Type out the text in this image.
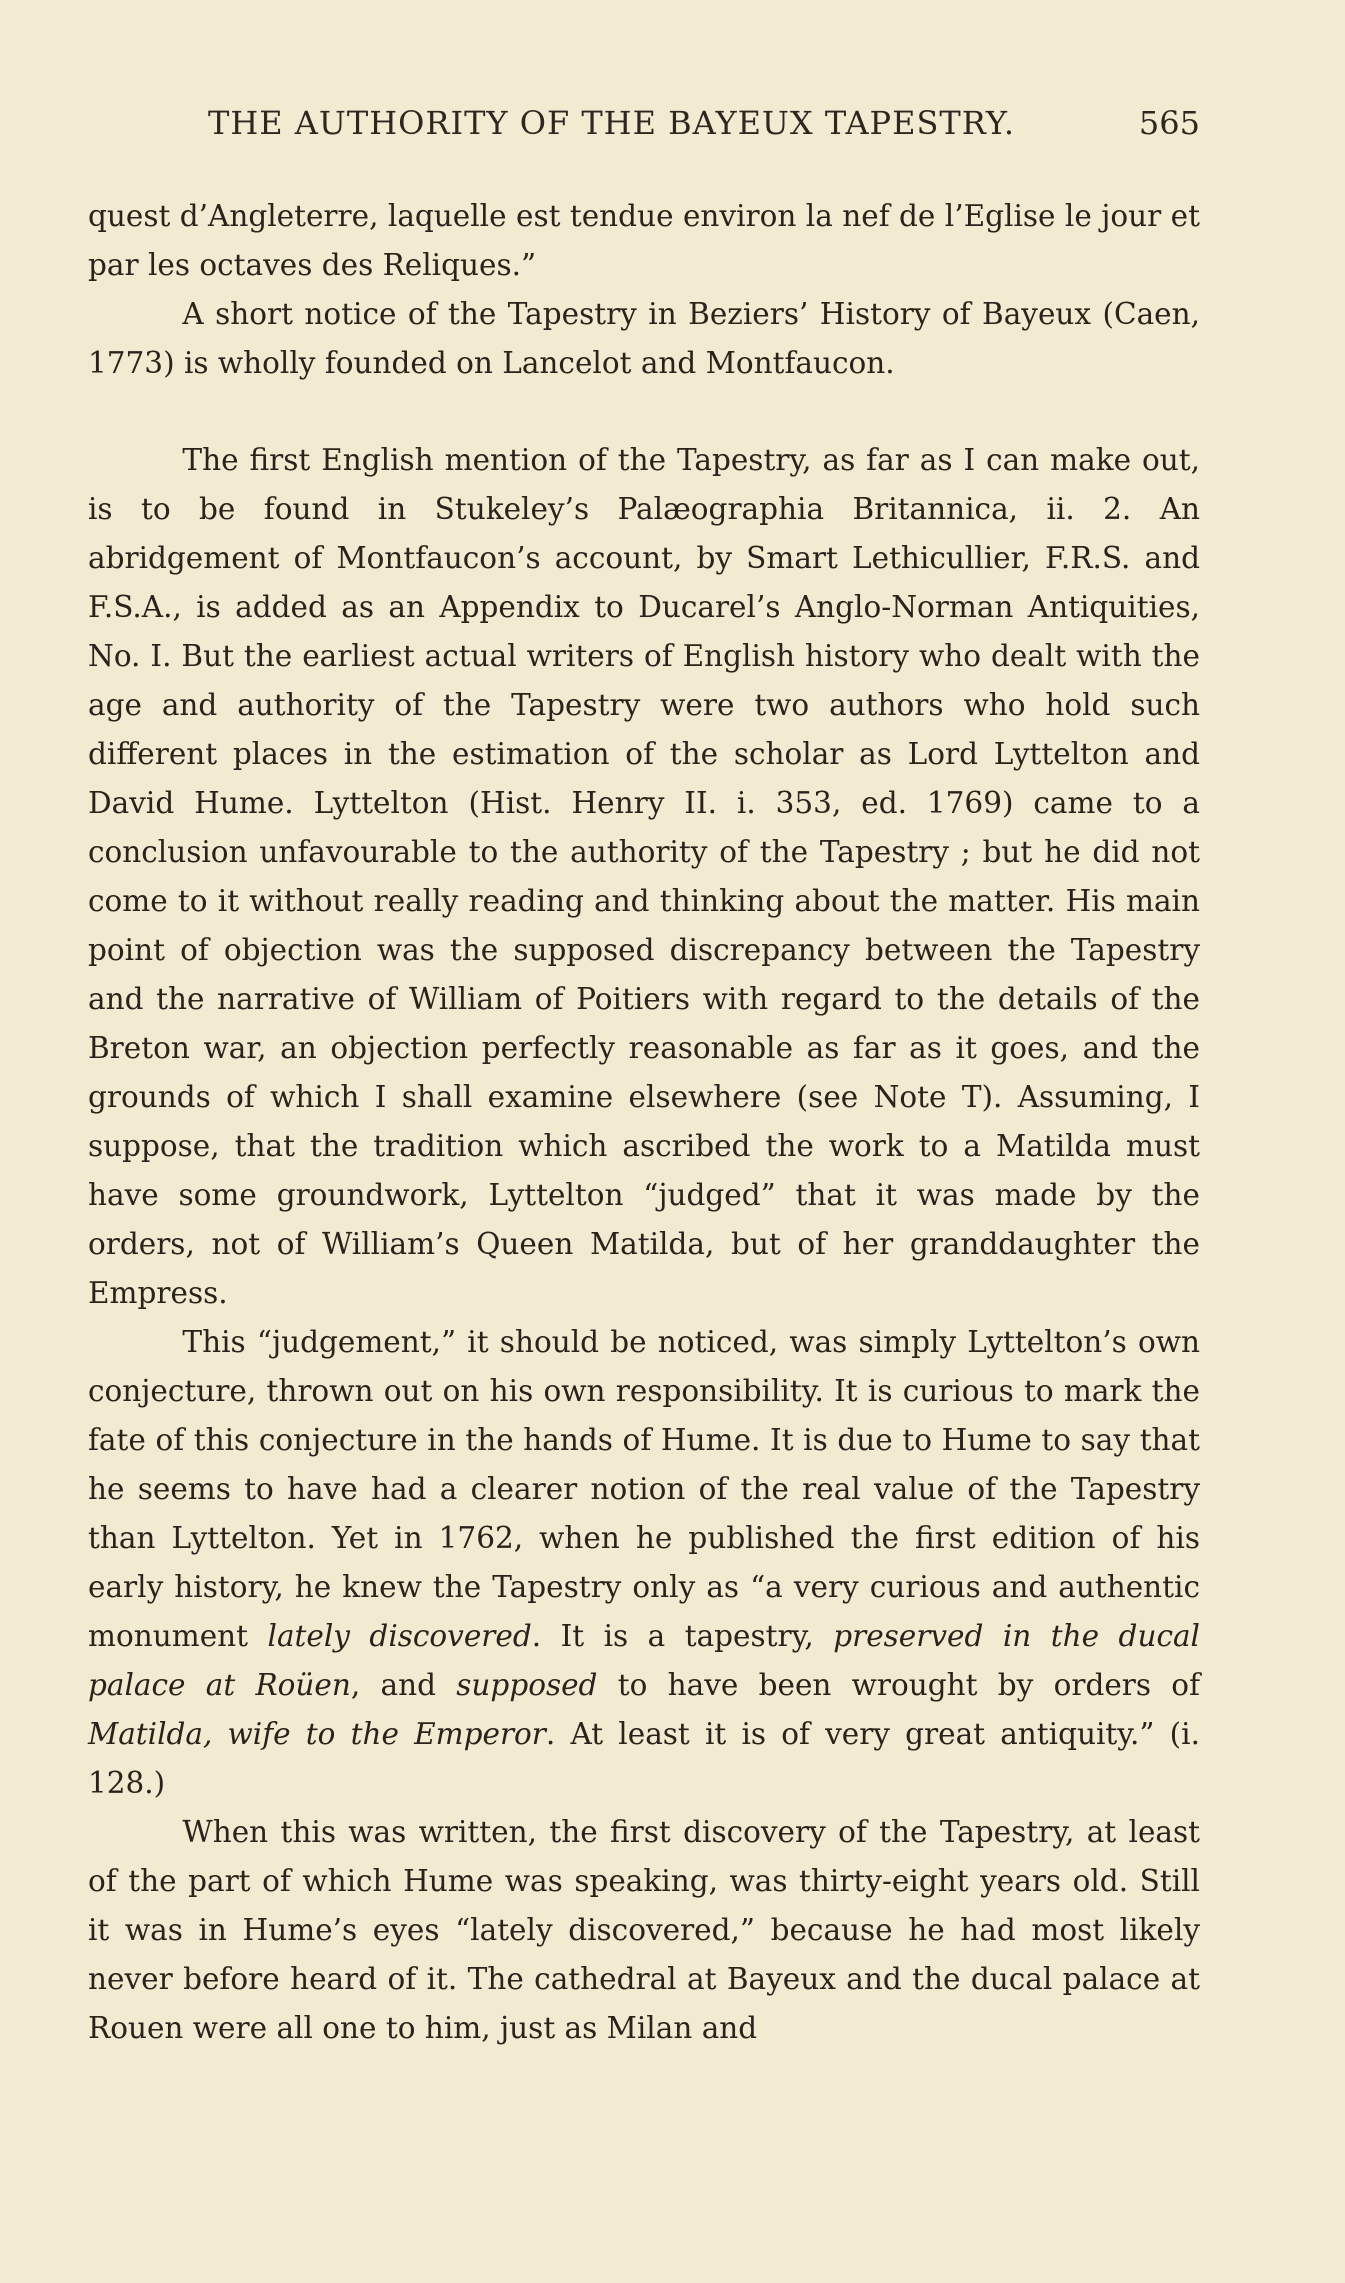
THE AUTHORITY OF THE BAYEUX TAPESTRY.	565

quest d’Angleterre, laquelle est tendue environ la nef de l’Eglise le jour et par les octaves des Reliques.”

A short notice of the Tapestry in Beziers’ History of Bayeux (Caen, 1773) is wholly founded on Lancelot and Montfaucon.

The first English mention of the Tapestry, as far as I can make out, is to be found in Stukeley’s Palæographia Britannica, ii. 2. An abridgement of Montfaucon’s account, by Smart Lethicullier, F.R.S. and F.S.A., is added as an Appendix to Ducarel’s Anglo-Norman Antiquities, No. I. But the earliest actual writers of English history who dealt with the age and authority of the Tapestry were two authors who hold such different places in the estimation of the scholar as Lord Lyttelton and David Hume. Lyttelton (Hist. Henry II. i. 353, ed. 1769) came to a conclusion unfavourable to the authority of the Tapestry ; but he did not come to it without really reading and thinking about the matter. His main point of objection was the supposed discrepancy between the Tapestry and the narrative of William of Poitiers with regard to the details of the Breton war, an objection perfectly reasonable as far as it goes, and the grounds of which I shall examine elsewhere (see Note T). Assuming, I suppose, that the tradition which ascribed the work to a Matilda must have some groundwork, Lyttelton “judged” that it was made by the orders, not of William’s Queen Matilda, but of her granddaughter the Empress.

This “judgement,” it should be noticed, was simply Lyttelton’s own conjecture, thrown out on his own responsibility. It is curious to mark the fate of this conjecture in the hands of Hume. It is due to Hume to say that he seems to have had a clearer notion of the real value of the Tapestry than Lyttelton. Yet in 1762, when he published the first edition of his early history, he knew the Tapestry only as “a very curious and authentic monument lately discovered. It is a tapestry, preserved in the ducal palace at Roüen, and supposed to have been wrought by orders of Matilda, wife to the Emperor. At least it is of very great antiquity.” (i. 128.)

When this was written, the first discovery of the Tapestry, at least of the part of which Hume was speaking, was thirty-eight years old. Still it was in Hume’s eyes “lately discovered,” because he had most likely never before heard of it. The cathedral at Bayeux and the ducal palace at Rouen were all one to him, just as Milan and
